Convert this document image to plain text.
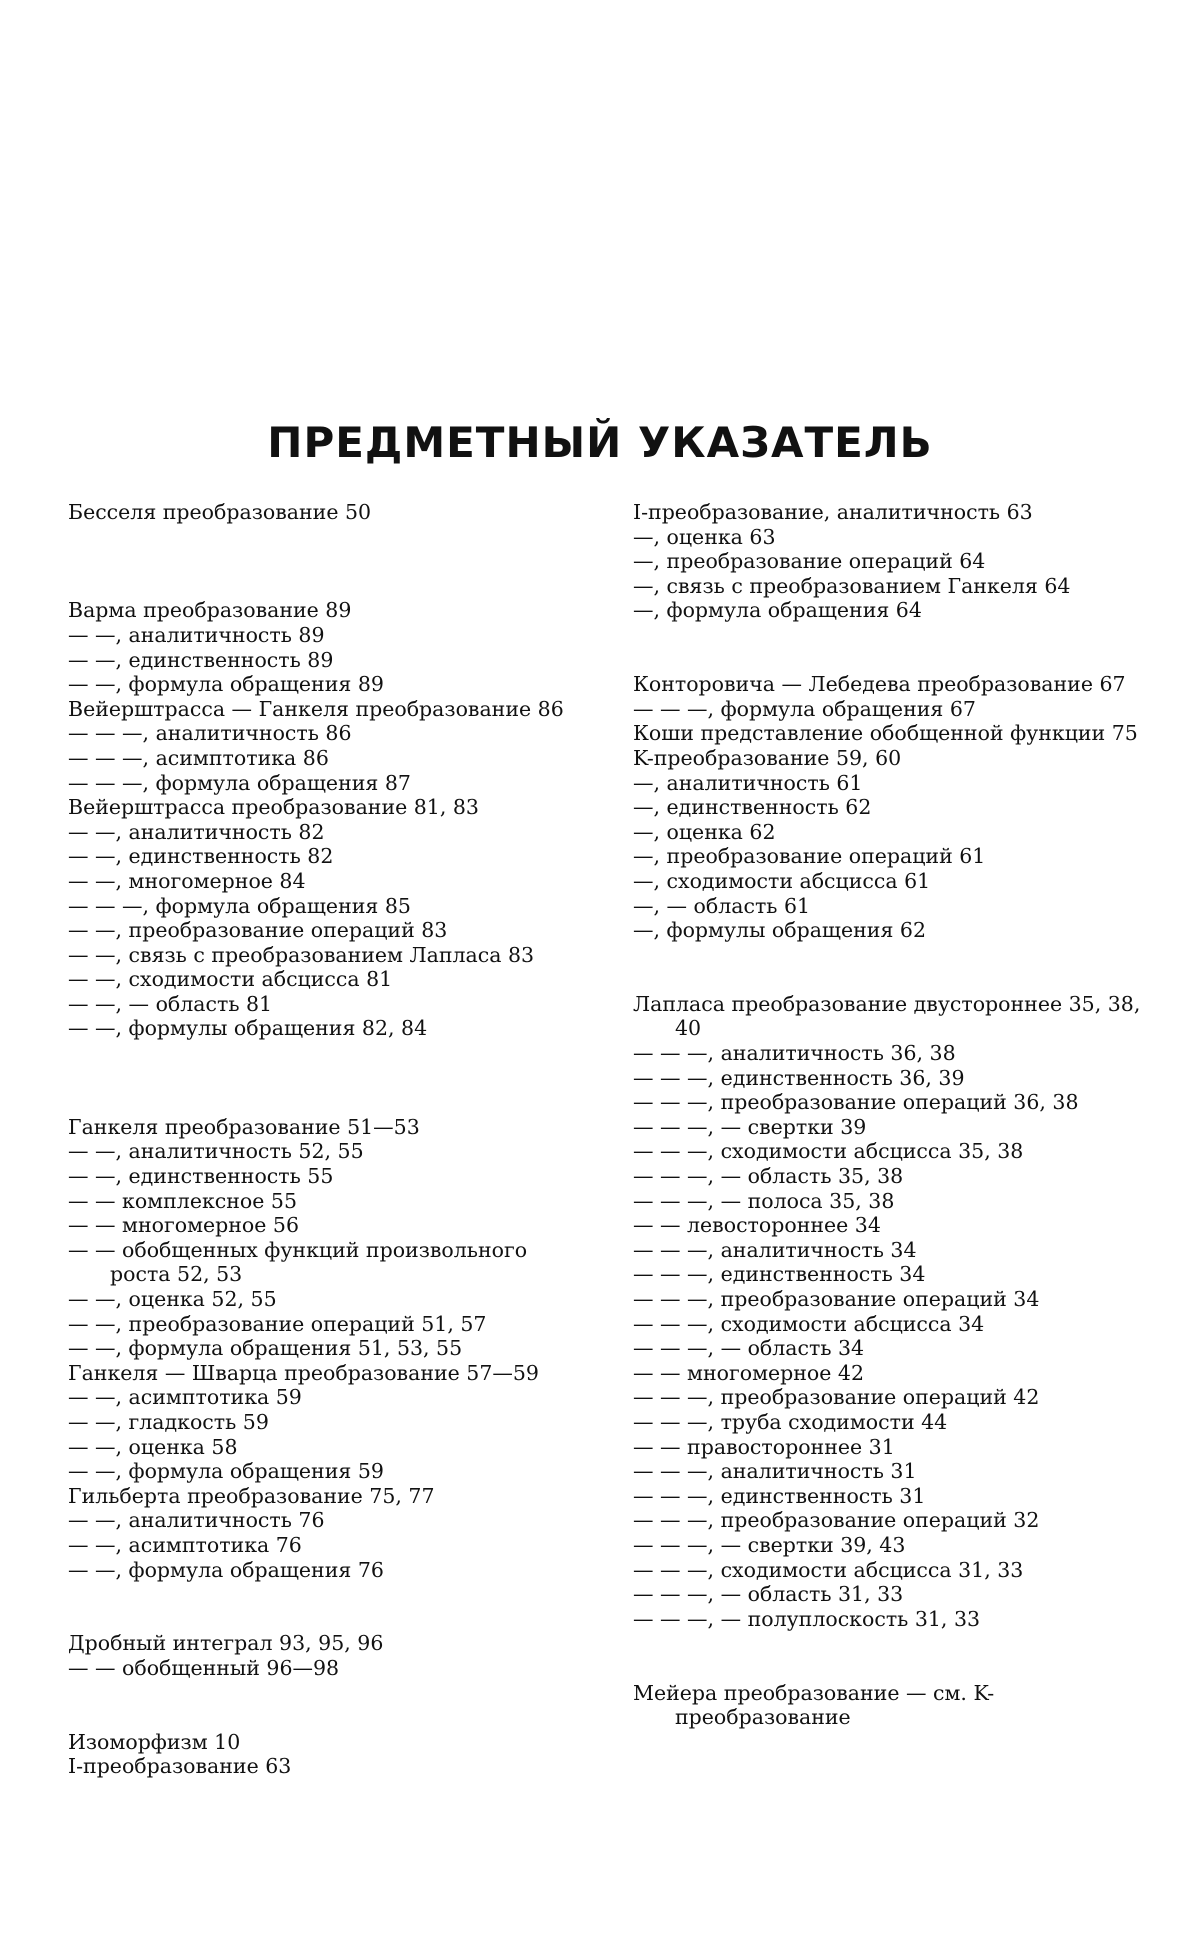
ПРЕДМЕТНЫЙ УКАЗАТЕЛЬ
Бесселя преобразование 50
Варма преобразование 89
— —, аналитичность 89
— —, единственность 89
— —, формула обращения 89
Вейерштрасса — Ганкеля преобразование 86
— — —, аналитичность 86
— — —, асимптотика 86
— — —, формула обращения 87
Вейерштрасса преобразование 81, 83
— —, аналитичность 82
— —, единственность 82
— —, многомерное 84
— — —, формула обращения 85
— —, преобразование операций 83
— —, связь с преобразованием Лапласа 83
— —, сходимости абсцисса 81
— —, — область 81
— —, формулы обращения 82, 84
Ганкеля преобразование 51—53
— —, аналитичность 52, 55
— —, единственность 55
— — комплексное 55
— — многомерное 56
— — обобщенных функций произвольного роста 52, 53
— —, оценка 52, 55
— —, преобразование операций 51, 57
— —, формула обращения 51, 53, 55
Ганкеля — Шварца преобразование 57—59
— —, асимптотика 59
— —, гладкость 59
— —, оценка 58
— —, формула обращения 59
Гильберта преобразование 75, 77
— —, аналитичность 76
— —, асимптотика 76
— —, формула обращения 76
Дробный интеграл 93, 95, 96
— — обобщенный 96—98
Изоморфизм 10
I-преобразование 63
I-преобразование, аналитичность 63
—, оценка 63
—, преобразование операций 64
—, связь с преобразованием Ганкеля 64
—, формула обращения 64
Конторовича — Лебедева преобразование 67
— — —, формула обращения 67
Коши представление обобщенной функции 75
K-преобразование 59, 60
—, аналитичность 61
—, единственность 62
—, оценка 62
—, преобразование операций 61
—, сходимости абсцисса 61
—, — область 61
—, формулы обращения 62
Лапласа преобразование двустороннее 35, 38, 40
— — —, аналитичность 36, 38
— — —, единственность 36, 39
— — —, преобразование операций 36, 38
— — —, — свертки 39
— — —, сходимости абсцисса 35, 38
— — —, — область 35, 38
— — —, — полоса 35, 38
— — левостороннее 34
— — —, аналитичность 34
— — —, единственность 34
— — —, преобразование операций 34
— — —, сходимости абсцисса 34
— — —, — область 34
— — многомерное 42
— — —, преобразование операций 42
— — —, труба сходимости 44
— — правостороннее 31
— — —, аналитичность 31
— — —, единственность 31
— — —, преобразование операций 32
— — —, — свертки 39, 43
— — —, сходимости абсцисса 31, 33
— — —, — область 31, 33
— — —, — полуплоскость 31, 33
Мейера преобразование — см. K-преобразование
